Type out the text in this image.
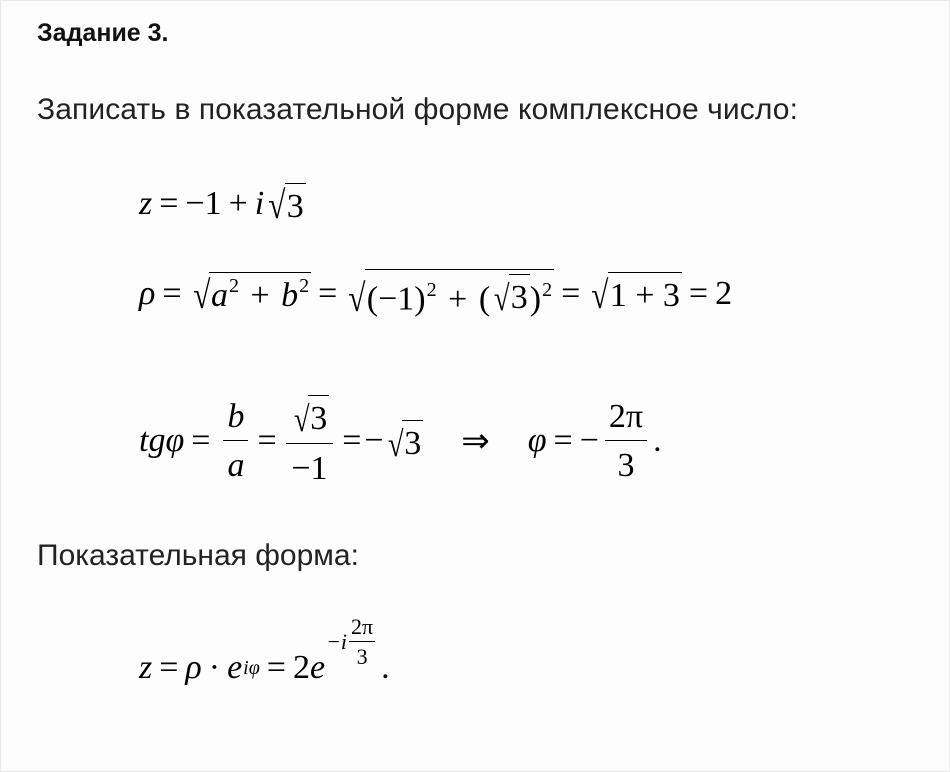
Задание 3.
Записать в показательной форме комплексное число:
z = −1 + i √ 3
ρ = √ $a^2 + b^2$ = √ $(-1)^2$ + ( √ 3 )$^2$ = √ 1 + 3 = 2
tg $\varphi = \frac{b}{a} = \frac{√ 3}{-1}$ = − √ 3 ⇒ φ = − $\frac{2\pi}{3}$ .
Показательная форма:
z = ρ · e iφ = 2 e
$-i \frac{2\pi}{3}$ .
